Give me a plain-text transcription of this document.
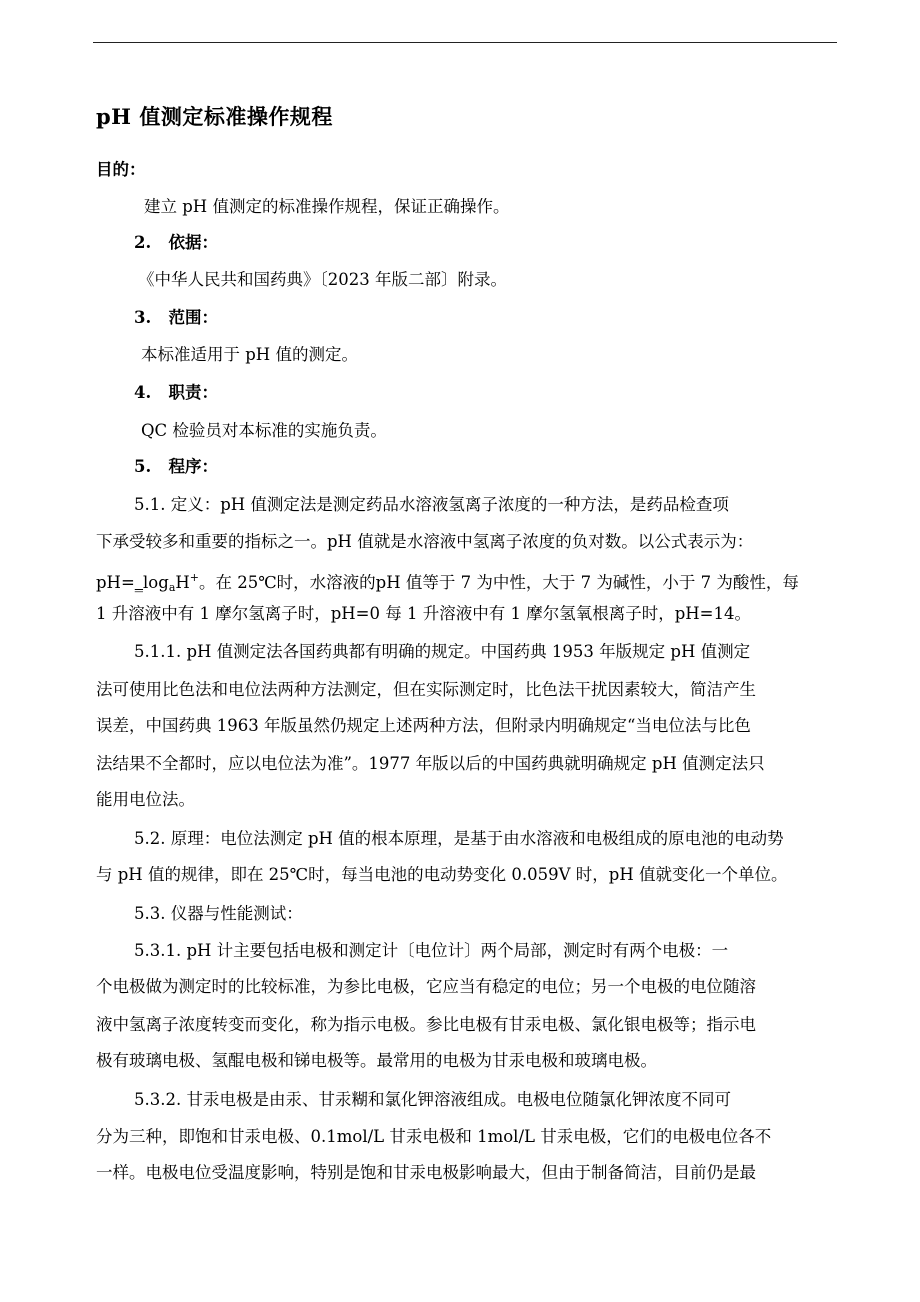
pH 值测定标准操作规程
目的：
建立 pH 值测定的标准操作规程，保证正确操作。
2. 依据：
《中华人民共和国药典》〔2023 年版二部〕附录。
3. 范围：
本标准适用于 pH 值的测定。
4. 职责：
QC 检验员对本标准的实施负责。
5. 程序：
5.1. 定义：pH 值测定法是测定药品水溶液氢离子浓度的一种方法，是药品检查项
下承受较多和重要的指标之一。pH 值就是水溶液中氢离子浓度的负对数。以公式表示为：
$pH=\_\log_aH^+$。在 25℃时，水溶液的pH 值等于 7 为中性，大于 7 为碱性，小于 7 为酸性，每
1 升溶液中有 1 摩尔氢离子时，pH=0 每 1 升溶液中有 1 摩尔氢氧根离子时，pH=14。
5.1.1. pH 值测定法各国药典都有明确的规定。中国药典 1953 年版规定 pH 值测定
法可使用比色法和电位法两种方法测定，但在实际测定时，比色法干扰因素较大，简洁产生
误差，中国药典 1963 年版虽然仍规定上述两种方法，但附录内明确规定“当电位法与比色
法结果不全都时，应以电位法为准”。1977 年版以后的中国药典就明确规定 pH 值测定法只
能用电位法。
5.2. 原理：电位法测定 pH 值的根本原理，是基于由水溶液和电极组成的原电池的电动势
与 pH 值的规律，即在 25℃时，每当电池的电动势变化 0.059V 时，pH 值就变化一个单位。
5.3. 仪器与性能测试：
5.3.1. pH 计主要包括电极和测定计〔电位计〕两个局部，测定时有两个电极：一
个电极做为测定时的比较标准，为参比电极，它应当有稳定的电位；另一个电极的电位随溶
液中氢离子浓度转变而变化，称为指示电极。参比电极有甘汞电极、氯化银电极等；指示电
极有玻璃电极、氢醌电极和锑电极等。最常用的电极为甘汞电极和玻璃电极。
5.3.2. 甘汞电极是由汞、甘汞糊和氯化钾溶液组成。电极电位随氯化钾浓度不同可
分为三种，即饱和甘汞电极、0.1mol/L 甘汞电极和 1mol/L 甘汞电极，它们的电极电位各不
一样。电极电位受温度影响，特别是饱和甘汞电极影响最大，但由于制备简洁，目前仍是最
